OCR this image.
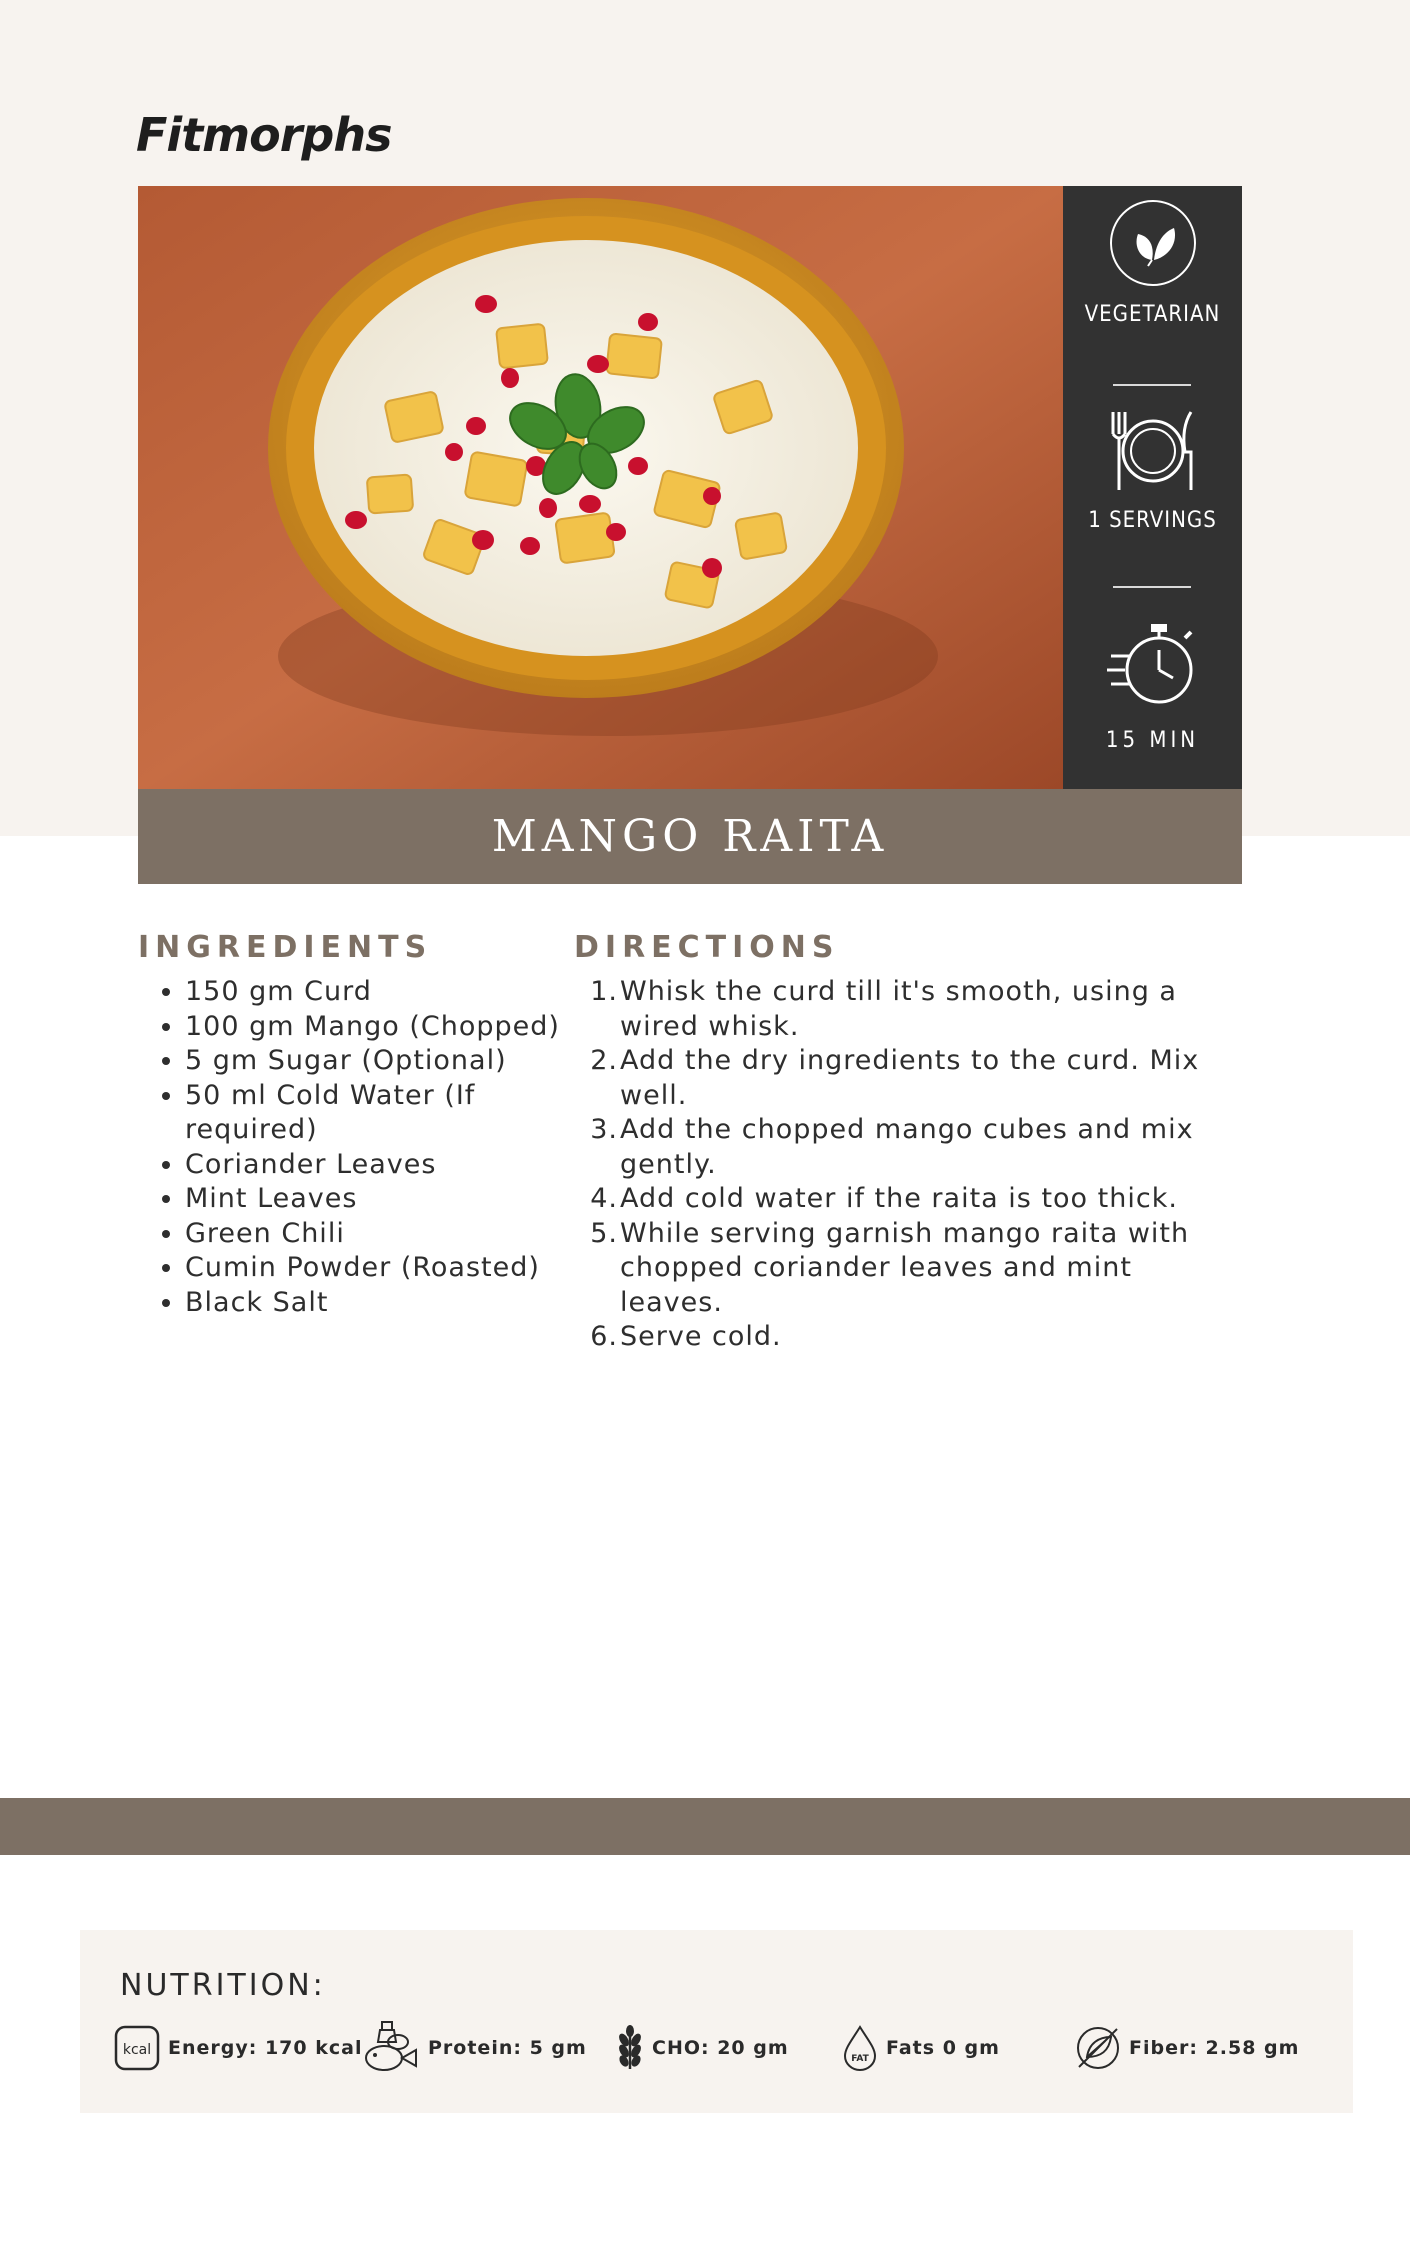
Fitmorphs
VEGETARIAN
1 SERVINGS
15 MIN
MANGO RAITA
INGREDIENTS	DIRECTIONS
• 150 gm Curd
• 100 gm Mango (Chopped)
• 5 gm Sugar (Optional)
• 50 ml Cold Water (If required)
• Coriander Leaves
• Mint Leaves
• Green Chili
• Cumin Powder (Roasted)
• Black Salt
1. Whisk the curd till it's smooth, using a wired whisk.
2. Add the dry ingredients to the curd. Mix well.
3. Add the chopped mango cubes and mix gently.
4. Add cold water if the raita is too thick.
5. While serving garnish mango raita with chopped coriander leaves and mint leaves.
6. Serve cold.
NUTRITION:
kcal Energy: 170 kcal	Protein: 5 gm	CHO: 20 gm	FAT Fats 0 gm	Fiber: 2.58 gm
